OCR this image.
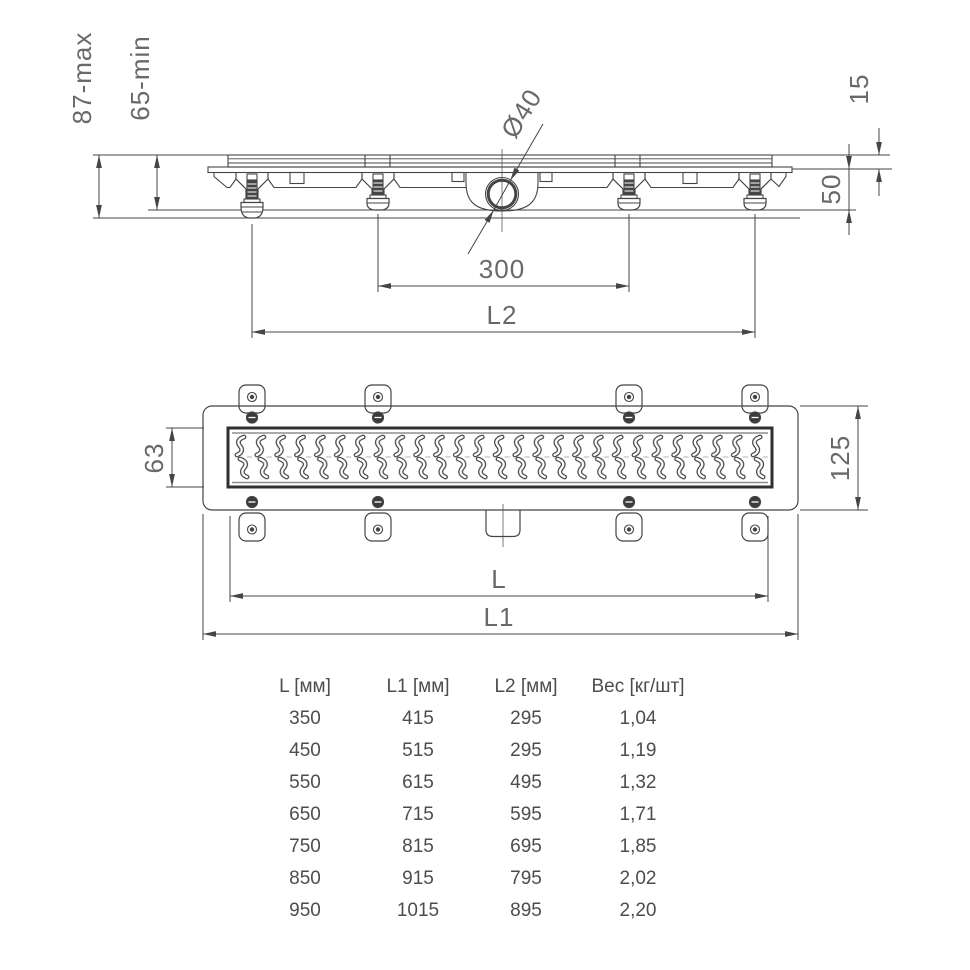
87-max 65-min	15
50
Ø40
300
L2
63	125
L
L1
L [мм]	L1 [мм]	L2 [мм]	Вес [кг/шт]
350	415	295	1,04
450	515	295	1,19
550	615	495	1,32
650	715	595	1,71
750	815	695	1,85
850	915	795	2,02
950	1015	895	2,20
